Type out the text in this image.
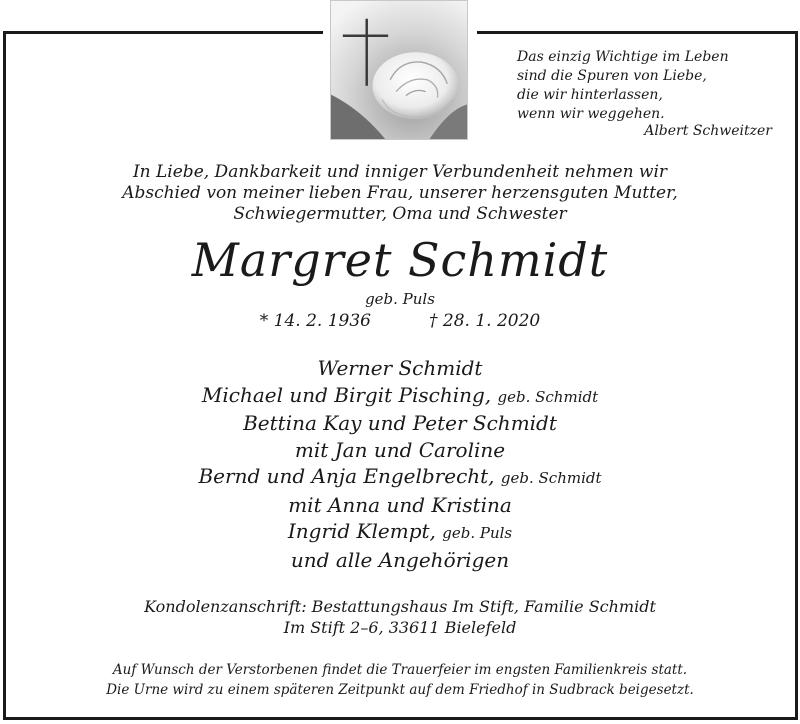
Das einzig Wichtige im Leben
sind die Spuren von Liebe,
die wir hinterlassen,
wenn wir weggehen.
Albert Schweitzer
In Liebe, Dankbarkeit und inniger Verbundenheit nehmen wir
Abschied von meiner lieben Frau, unserer herzensguten Mutter,
Schwiegermutter, Oma und Schwester
Margret Schmidt
geb. Puls
* 14. 2. 1936	† 28. 1. 2020
Werner Schmidt
Michael und Birgit Pisching, geb. Schmidt
Bettina Kay und Peter Schmidt
mit Jan und Caroline
Bernd und Anja Engelbrecht, geb. Schmidt
mit Anna und Kristina
Ingrid Klempt, geb. Puls
und alle Angehörigen
Kondolenzanschrift: Bestattungshaus Im Stift, Familie Schmidt
Im Stift 2–6, 33611 Bielefeld
Auf Wunsch der Verstorbenen findet die Trauerfeier im engsten Familienkreis statt.
Die Urne wird zu einem späteren Zeitpunkt auf dem Friedhof in Sudbrack beigesetzt.
